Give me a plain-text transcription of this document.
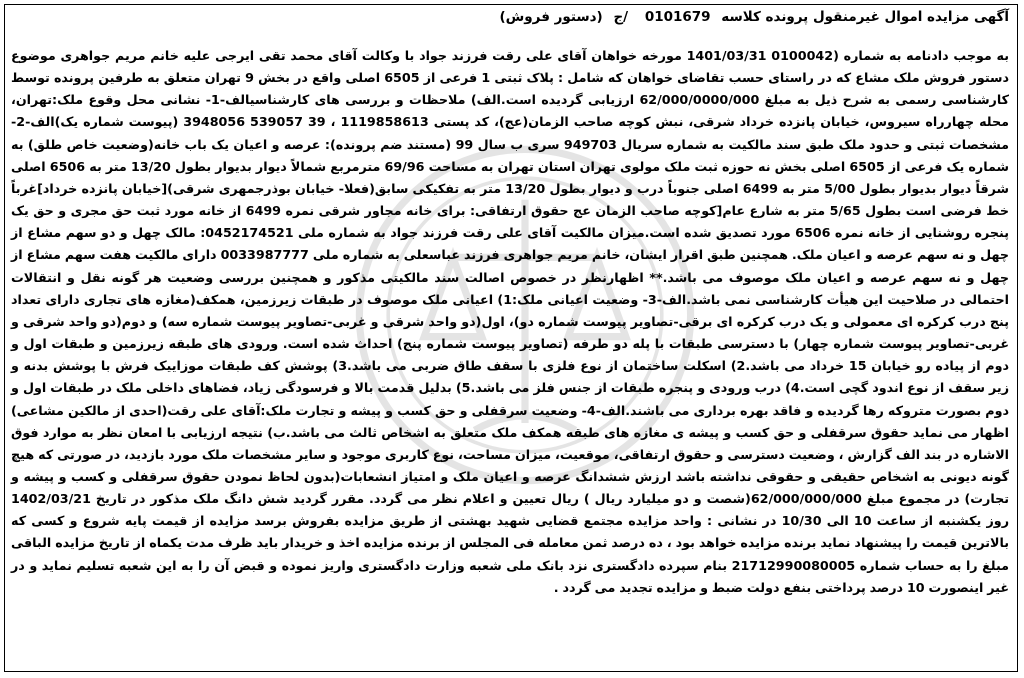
آگهی مزایده اموال غیرمنقول پرونده کلاسه 0101679 /ج (دستور فروش)
به موجب دادنامه به شماره (0100042 1401/03/31 مورخه خواهان آقای علی رقت فرزند جواد با وکالت آقای محمد تقی ایرجی علیه خانم مریم جواهری موضوع دستور فروش ملک مشاع که در راستای حسب تقاضای خواهان که شامل : پلاک ثبتی 1 فرعی از 6505 اصلی واقع در بخش 9 تهران متعلق به طرفین پرونده توسط کارشناسی رسمی به شرح ذیل به مبلغ 62/000/0000/000 ارزیابی گردیده است.الف) ملاحظات و بررسی های کارشناسیالف-1- نشانی محل وقوع ملک:تهران، محله چهارراه سیروس، خیابان پانزده خرداد شرقی، نبش کوچه صاحب الزمان(عج)، کد پستی 1119858613 ، 39 539057 3948056 (پیوست شماره یک)الف-2- مشخصات ثبتی و حدود ملک طبق سند مالکیت به شماره سریال 949703 سری ب سال 99 (مستند ضم پرونده): عرصه و اعیان یک باب خانه(وضعیت خاص طلق) به شماره یک فرعی از 6505 اصلی بخش نه حوزه ثبت ملک مولوی تهران استان تهران به مساحت 69/96 مترمربع شمالاً دیوار بدیوار بطول 13/20 متر به 6506 اصلی شرقاً دیوار بدیوار بطول 5/00 متر به 6499 اصلی جنوباً درب و دیوار بطول 13/20 متر به تفکیکی سابق(فعلا- خیابان بوذرجمهری شرقی)[خیابان پانزده خرداد]غرباً خط فرضی است بطول 5/65 متر به شارع عام[کوچه صاحب الزمان عج حقوق ارتفاقی: برای خانه مجاور شرقی نمره 6499 از خانه مورد ثبت حق مجری و حق یک پنجره روشنایی از خانه نمره 6506 مورد تصدیق شده است.میزان مالکیت آقای علی رقت فرزند جواد به شماره ملی 0452174521: مالک چهل و دو سهم مشاع از چهل و نه سهم عرصه و اعیان ملک. همچنین طبق اقرار ایشان، خانم مریم جواهری فرزند عباسعلی به شماره ملی 0033987777 دارای مالکیت هفت سهم مشاع از چهل و نه سهم عرصه و اعیان ملک موصوف می باشد.** اظهارنظر در خصوص اصالت سند مالکیتی مذکور و همچنین بررسی وضعیت هر گونه نقل و انتقالات احتمالی در صلاحیت این هیأت کارشناسی نمی باشد.الف-3- وضعیت اعیانی ملک:1) اعیانی ملک موصوف در طبقات زیرزمین، همکف(مغازه های تجاری دارای تعداد پنج درب کرکره ای معمولی و یک درب کرکره ای برقی-تصاویر پیوست شماره دو)، اول(دو واحد شرقی و غربی-تصاویر پیوست شماره سه) و دوم(دو واحد شرقی و غربی-تصاویر پیوست شماره چهار) با دسترسی طبقات با پله دو طرفه (تصاویر پیوست شماره پنج) احداث شده است. ورودی های طبقه زیرزمین و طبقات اول و دوم از پیاده رو خیابان 15 خرداد می باشد.2) اسکلت ساختمان از نوع فلزی با سقف طاق ضربی می باشد.3) پوشش کف طبقات موزاییک فرش با پوشش بدنه و زیر سقف از نوع اندود گچی است.4) درب ورودی و پنجره طبقات از جنس فلز می باشد.5) بدلیل قدمت بالا و فرسودگی زیاد، فضاهای داخلی ملک در طبقات اول و دوم بصورت متروکه رها گردیده و فاقد بهره برداری می باشند.الف-4- وضعیت سرقفلی و حق کسب و پیشه و تجارت ملک:آقای علی رقت(احدی از مالکین مشاعی) اظهار می نماید حقوق سرقفلی و حق کسب و پیشه ی مغازه های طبقه همکف ملک متعلق به اشخاص ثالث می باشد.ب) نتیجه ارزیابی با امعان نظر به موارد فوق الاشاره در بند الف گزارش ، وضعیت دسترسی و حقوق ارتفاقی، موقعیت، میزان مساحت، نوع کاربری موجود و سایر مشخصات ملک مورد بازدید، در صورتی که هیچ گونه دیونی به اشخاص حقیقی و حقوقی نداشته باشد ارزش ششدانگ عرصه و اعیان ملک و امتیاز انشعابات(بدون لحاظ نمودن حقوق سرقفلی و کسب و پیشه و تجارت) در مجموع مبلغ 62/000/000/000(شصت و دو میلیارد ریال ) ریال تعیین و اعلام نظر می گردد. مقرر گردید شش دانگ ملک مذکور در تاریخ 1402/03/21 روز یکشنبه از ساعت 10 الی 10/30 در نشانی : واحد مزایده مجتمع قضایی شهید بهشتی از طریق مزایده بفروش برسد مزایده از قیمت پایه شروع و کسی که بالاترین قیمت را پیشنهاد نماید برنده مزایده خواهد بود ، ده درصد ثمن معامله فی المجلس از برنده مزایده اخذ و خریدار باید ظرف مدت یکماه از تاریخ مزایده الباقی مبلغ را به حساب شماره 21712990080005 بنام سپرده دادگستری نزد بانک ملی شعبه وزارت دادگستری واریز نموده و قبض آن را به این شعبه تسلیم نماید و در غیر اینصورت 10 درصد پرداختی بنفع دولت ضبط و مزایده تجدید می گردد .
